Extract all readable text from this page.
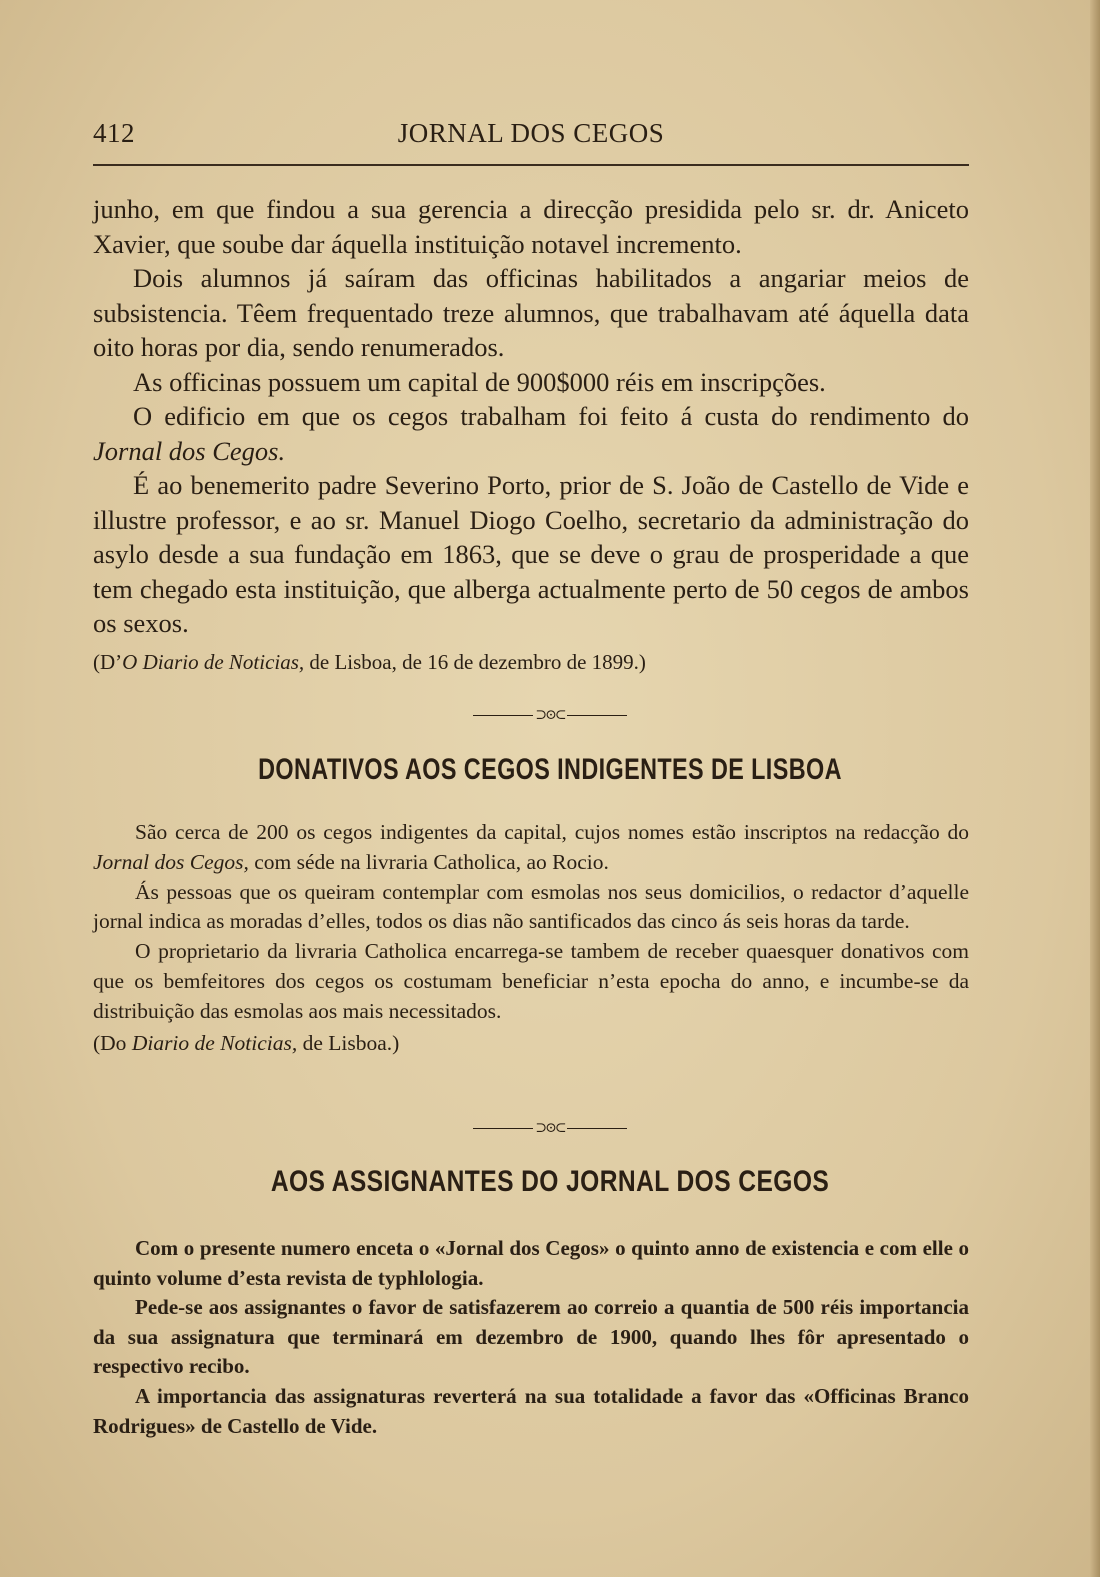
412	JORNAL DOS CEGOS

junho, em que findou a sua gerencia a direcção presidida pelo sr. dr. Aniceto Xavier, que soube dar áquella instituição notavel incremento.

Dois alumnos já saíram das officinas habilitados a angariar meios de subsistencia. Têem frequentado treze alumnos, que trabalhavam até áquella data oito horas por dia, sendo renumerados.

As officinas possuem um capital de 900$000 réis em inscripções.

O edificio em que os cegos trabalham foi feito á custa do rendimento do Jornal dos Cegos.

É ao benemerito padre Severino Porto, prior de S. João de Castello de Vide e illustre professor, e ao sr. Manuel Diogo Coelho, secretario da administração do asylo desde a sua fundação em 1863, que se deve o grau de prosperidade a que tem chegado esta instituição, que alberga actualmente perto de 50 cegos de ambos os sexos.

(D’O Diario de Noticias, de Lisboa, de 16 de dezembro de 1899.)

⊃⊙⊂
DONATIVOS AOS CEGOS INDIGENTES DE LISBOA

São cerca de 200 os cegos indigentes da capital, cujos nomes estão inscriptos na redacção do Jornal dos Cegos, com séde na livraria Catholica, ao Rocio.

Ás pessoas que os queiram contemplar com esmolas nos seus domicilios, o redactor d’aquelle jornal indica as moradas d’elles, todos os dias não santificados das cinco ás seis horas da tarde.

O proprietario da livraria Catholica encarrega-se tambem de receber quaesquer donativos com que os bemfeitores dos cegos os costumam beneficiar n’esta epocha do anno, e incumbe-se da distribuição das esmolas aos mais necessitados.

(Do Diario de Noticias, de Lisboa.)

⊃⊙⊂
AOS ASSIGNANTES DO JORNAL DOS CEGOS

Com o presente numero enceta o «Jornal dos Cegos» o quinto anno de existencia e com elle o quinto volume d’esta revista de typhlologia.

Pede-se aos assignantes o favor de satisfazerem ao correio a quantia de 500 réis importancia da sua assignatura que terminará em dezembro de 1900, quando lhes fôr apresentado o respectivo recibo.

A importancia das assignaturas reverterá na sua totalidade a favor das «Officinas Branco Rodrigues» de Castello de Vide.
